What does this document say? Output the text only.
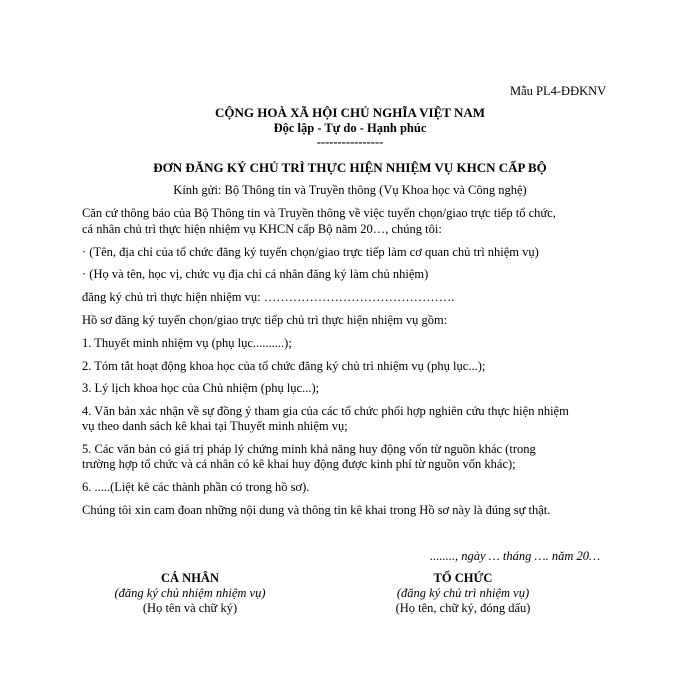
Mẫu PL4-ĐĐKNV
CỘNG HOÀ XÃ HỘI CHỦ NGHĨA VIỆT NAM
Độc lập - Tự do - Hạnh phúc
----------------
ĐƠN ĐĂNG KÝ CHỦ TRÌ THỰC HIỆN NHIỆM VỤ KHCN CẤP BỘ
Kính gửi: Bộ Thông tin và Truyền thông (Vụ Khoa học và Công nghệ)
Căn cứ thông báo của Bộ Thông tin và Truyền thông về việc tuyển chọn/giao trực tiếp tổ chức,
cá nhân chủ trì thực hiện nhiệm vụ KHCN cấp Bộ năm 20…, chúng tôi:
· (Tên, địa chỉ của tổ chức đăng ký tuyển chọn/giao trực tiếp làm cơ quan chủ trì nhiệm vụ)
· (Họ và tên, học vị, chức vụ địa chỉ cá nhân đăng ký làm chủ nhiệm)
đăng ký chủ trì thực hiện nhiệm vụ: ……………………………………….
Hồ sơ đăng ký tuyển chọn/giao trực tiếp chủ trì thực hiện nhiệm vụ gồm:
1. Thuyết minh nhiệm vụ (phụ lục..........);
2. Tóm tắt hoạt động khoa học của tổ chức đăng ký chủ trì nhiệm vụ (phụ lục...);
3. Lý lịch khoa học của Chủ nhiệm (phụ lục...);
4. Văn bản xác nhận về sự đồng ý tham gia của các tổ chức phối hợp nghiên cứu thực hiện nhiệm
vụ theo danh sách kê khai tại Thuyết minh nhiệm vụ;
5. Các văn bản có giá trị pháp lý chứng minh khả năng huy động vốn từ nguồn khác (trong
trường hợp tổ chức và cá nhân có kê khai huy động được kinh phí từ nguồn vốn khác);
6. .....(Liệt kê các thành phần có trong hồ sơ).
Chúng tôi xin cam đoan những nội dung và thông tin kê khai trong Hồ sơ này là đúng sự thật.
........, ngày … tháng …. năm 20…
CÁ NHÂN
(đăng ký chủ nhiệm nhiệm vụ)
(Họ tên và chữ ký)
TỔ CHỨC
(đăng ký chủ trì nhiệm vụ)
(Họ tên, chữ ký, đóng dấu)
